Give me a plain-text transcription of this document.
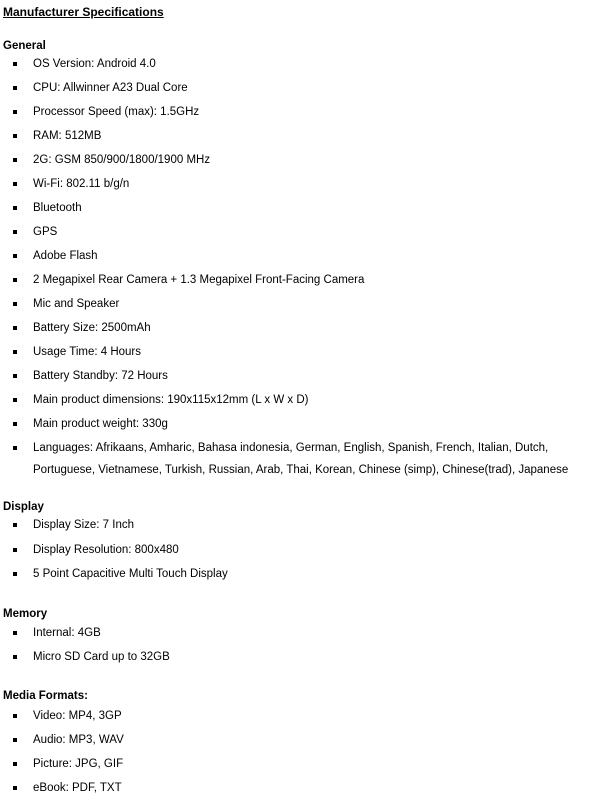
Manufacturer Specifications
General
OS Version: Android 4.0
CPU: Allwinner A23 Dual Core
Processor Speed (max): 1.5GHz
RAM: 512MB
2G: GSM 850/900/1800/1900 MHz
Wi-Fi: 802.11 b/g/n
Bluetooth
GPS
Adobe Flash
2 Megapixel Rear Camera + 1.3 Megapixel Front-Facing Camera
Mic and Speaker
Battery Size: 2500mAh
Usage Time: 4 Hours
Battery Standby: 72 Hours
Main product dimensions: 190x115x12mm (L x W x D)
Main product weight: 330g
Languages: Afrikaans, Amharic, Bahasa indonesia, German, English, Spanish, French, Italian, Dutch, Portuguese, Vietnamese, Turkish, Russian, Arab, Thai, Korean, Chinese (simp), Chinese(trad), Japanese
Display
Display Size: 7 Inch
Display Resolution: 800x480
5 Point Capacitive Multi Touch Display
Memory
Internal: 4GB
Micro SD Card up to 32GB
Media Formats:
Video: MP4, 3GP
Audio: MP3, WAV
Picture: JPG, GIF
eBook: PDF, TXT
